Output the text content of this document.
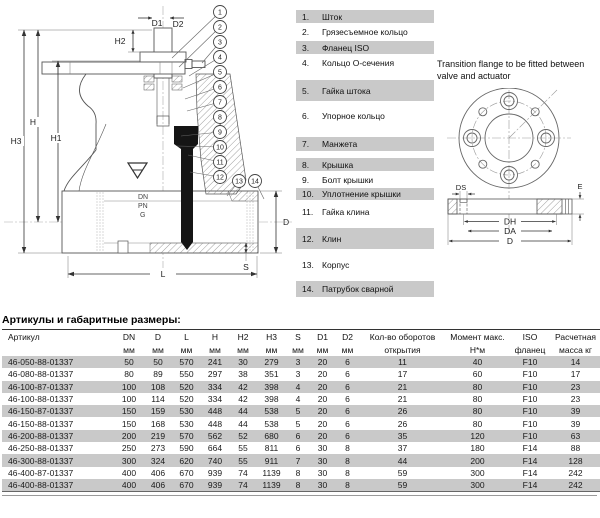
DN
PN
G
H3
H
H1
H2
D1 D2
D
S
L
1
2
3
4
5
6
7
8
9
10
11
12
13 14
1.	Шток
2.	Грязесъемное кольцо
3.	Фланец ISO
4.	Кольцо О-сечения
5.	Гайка штока
6.	Упорное кольцо
7.	Манжета
8.	Крышка
9.	Болт крышки
10. Уплотнение крышки
11.	Гайка клина
12. Клин
13. Корпус
14. Патрубок сварной
Transition flange to be fitted between valve and actuator
DS	E
DH
DA
D
Артикулы и габаритные размеры:
Артикул	DN	D	L	H	H2	H3	S	D1	D2	Кол-во оборотов	Момент макс.	ISO	Расчетная
	мм	мм	мм	мм	мм	мм	мм	мм	мм	открытия	Н*м	фланец	масса кг
46-050-88-01337	50	50	570	241	30	279	3	20	6	11	40	F10	14
46-080-88-01337	80	89	550	297	38	351	3	20	6	17	60	F10	17
46-100-87-01337	100	108	520	334	42	398	4	20	6	21	80	F10	23
46-100-88-01337	100	114	520	334	42	398	4	20	6	21	80	F10	23
46-150-87-01337	150	159	530	448	44	538	5	20	6	26	80	F10	39
46-150-88-01337	150	168	530	448	44	538	5	20	6	26	80	F10	39
46-200-88-01337	200	219	570	562	52	680	6	20	6	35	120	F10	63
46-250-88-01337	250	273	590	664	55	811	6	30	8	37	180	F14	88
46-300-88-01337	300	324	620	740	55	911	7	30	8	44	200	F14	128
46-400-87-01337	400	406	670	939	74	1139	8	30	8	59	300	F14	242
46-400-88-01337	400	406	670	939	74	1139	8	30	8	59	300	F14	242
